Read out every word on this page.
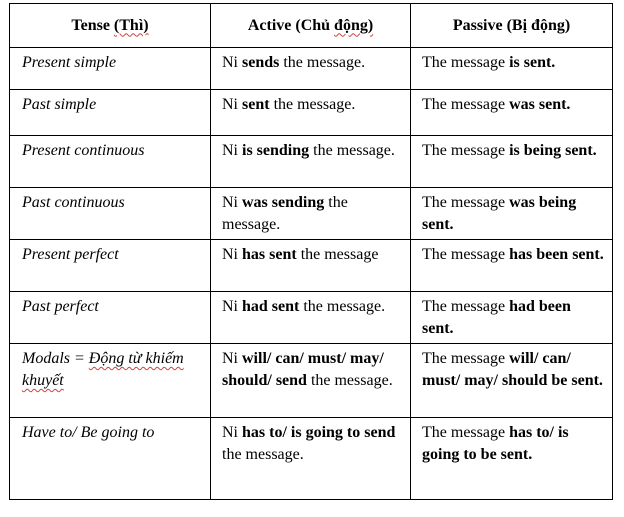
Tense (Thì)	Active (Chủ động)	Passive (Bị động)
Present simple	Ni sends the message.	The message is sent.
Past simple	Ni sent the message.	The message was sent.
Present continuous	Ni is sending the message.	The message is being sent.
Past continuous	Ni was sending the message.	The message was being sent.
Present perfect	Ni has sent the message	The message has been sent.
Past perfect	Ni had sent the message.	The message had been sent.
Modals = Động từ khiếm khuyết	Ni will/ can/ must/ may/ should/ send the message.	The message will/ can/ must/ may/ should be sent.
Have to/ Be going to	Ni has to/ is going to send the message.	The message has to/ is going to be sent.
